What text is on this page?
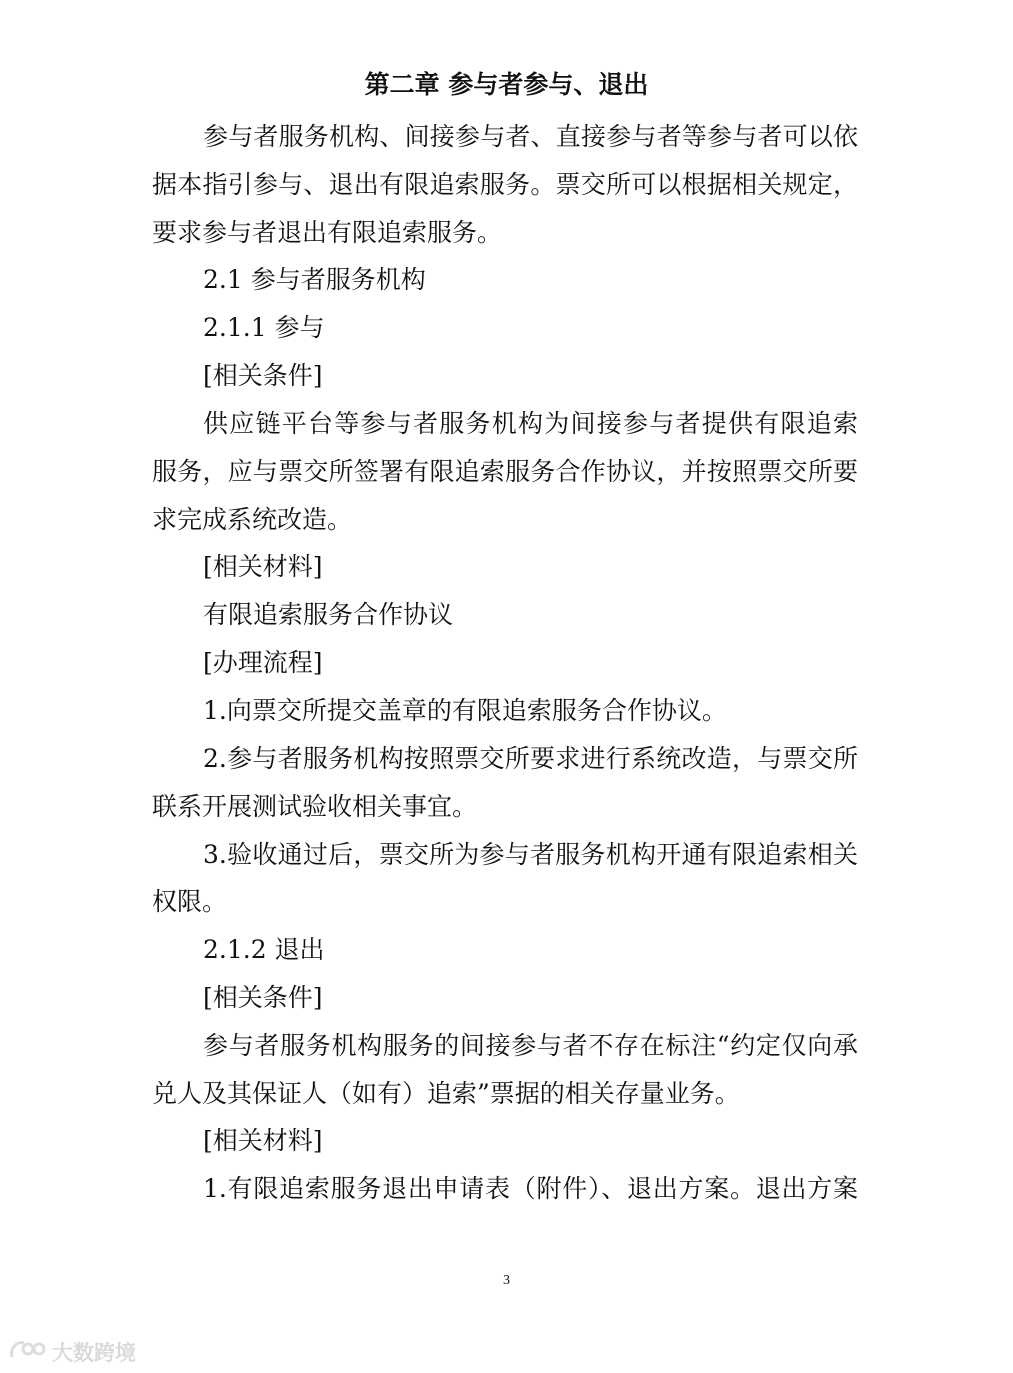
第二章 参与者参与、退出
参与者服务机构、间接参与者、直接参与者等参与者可以依
据本指引参与、退出有限追索服务。票交所可以根据相关规定，
要求参与者退出有限追索服务。
2.1 参与者服务机构
2.1.1 参与
[相关条件]
供应链平台等参与者服务机构为间接参与者提供有限追索
服务，应与票交所签署有限追索服务合作协议，并按照票交所要
求完成系统改造。
[相关材料]
有限追索服务合作协议
[办理流程]
1.向票交所提交盖章的有限追索服务合作协议。
2.参与者服务机构按照票交所要求进行系统改造，与票交所
联系开展测试验收相关事宜。
3.验收通过后，票交所为参与者服务机构开通有限追索相关
权限。
2.1.2 退出
[相关条件]
参与者服务机构服务的间接参与者不存在标注“约定仅向承
兑人及其保证人（如有）追索”票据的相关存量业务。
[相关材料]
1.有限追索服务退出申请表（附件）、退出方案。退出方案
3
大数跨境
